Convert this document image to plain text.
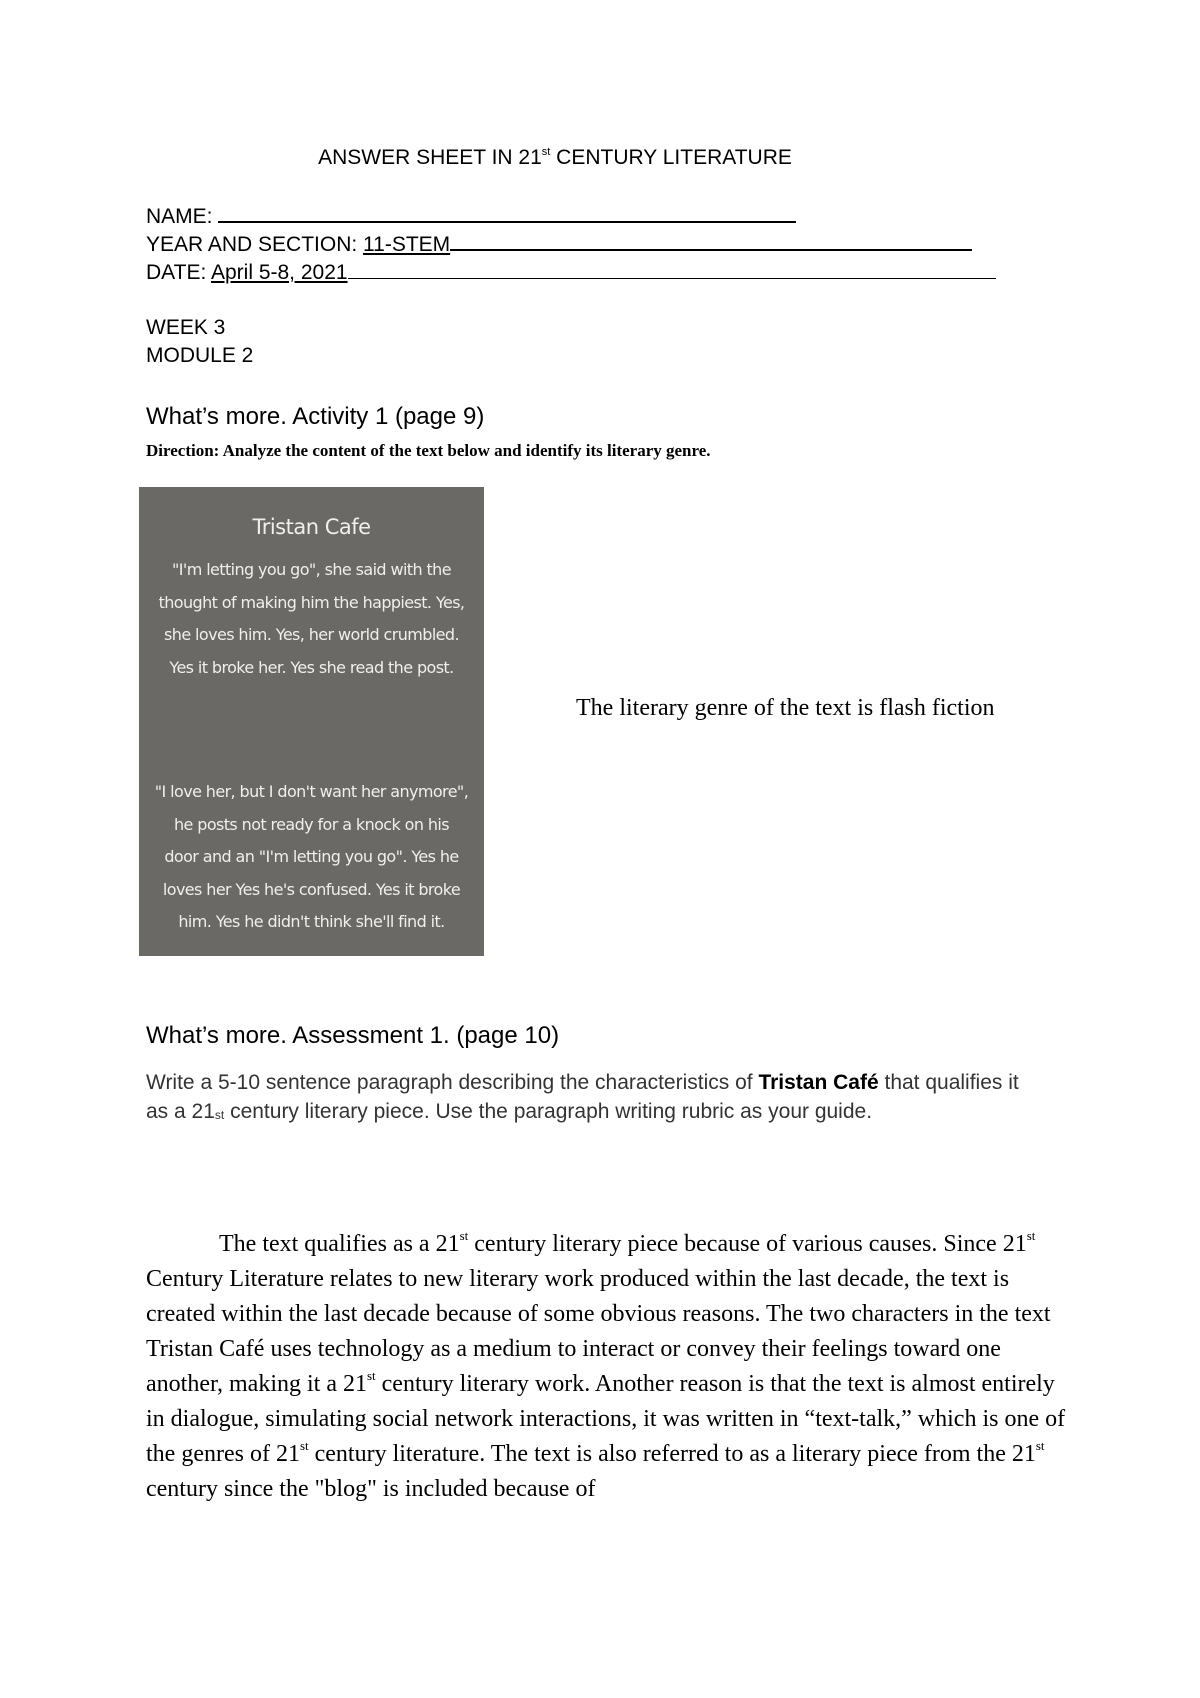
ANSWER SHEET IN 21st CENTURY LITERATURE
NAME:
YEAR AND SECTION: 11-STEM
DATE: April 5-8, 2021
WEEK 3
MODULE 2
What’s more. Activity 1 (page 9)
Direction: Analyze the content of the text below and identify its literary genre.
Tristan Cafe
"I'm letting you go", she said with the
thought of making him the happiest. Yes,
she loves him. Yes, her world crumbled.
Yes it broke her. Yes she read the post.
"I love her, but I don't want her anymore",
he posts not ready for a knock on his
door and an "I'm letting you go". Yes he
loves her Yes he's confused. Yes it broke
him. Yes he didn't think she'll find it.
The literary genre of the text is flash fiction
What’s more. Assessment 1. (page 10)
Write a 5-10 sentence paragraph describing the characteristics of Tristan Café that qualifies it as a 21st century literary piece. Use the paragraph writing rubric as your guide.
The text qualifies as a 21st century literary piece because of various causes. Since 21st Century Literature relates to new literary work produced within the last decade, the text is created within the last decade because of some obvious reasons. The two characters in the text Tristan Café uses technology as a medium to interact or convey their feelings toward one another, making it a 21st century literary work. Another reason is that the text is almost entirely in dialogue, simulating social network interactions, it was written in “text-talk,” which is one of the genres of 21st century literature. The text is also referred to as a literary piece from the 21st century since the "blog" is included because of
